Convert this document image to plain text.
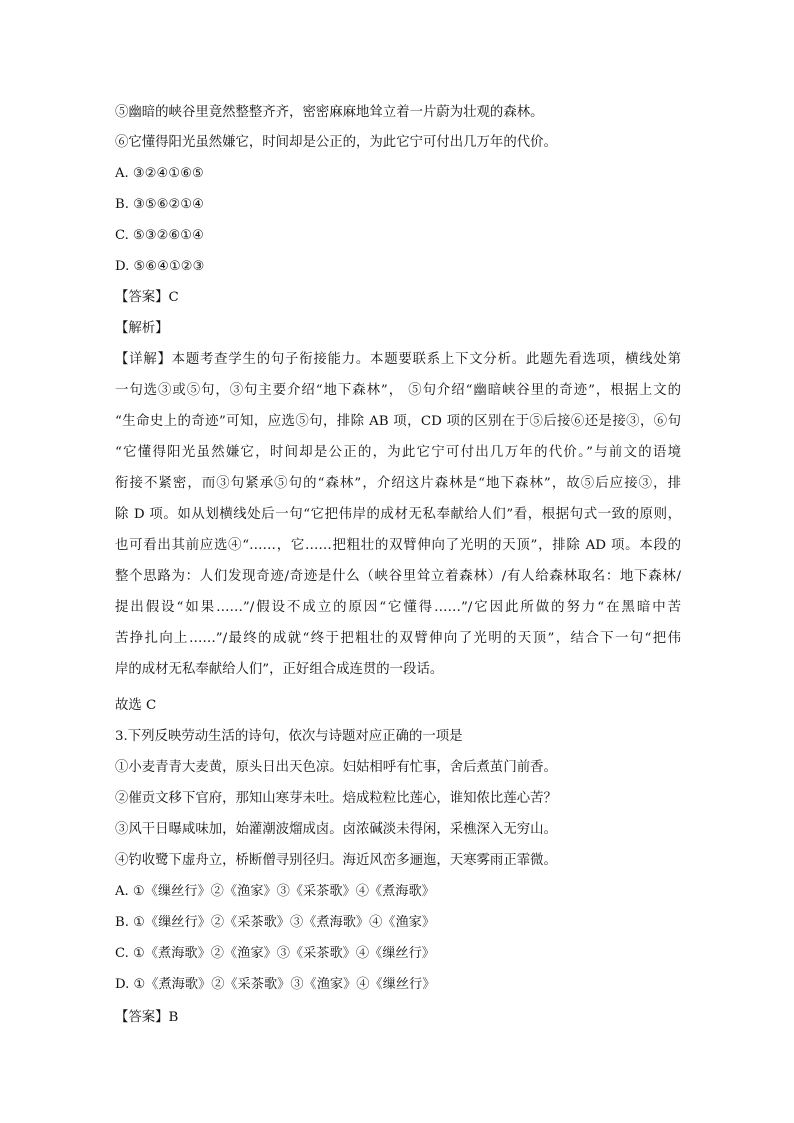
⑤幽暗的峡谷里竟然整整齐齐，密密麻麻地耸立着一片蔚为壮观的森林。
⑥它懂得阳光虽然嫌它，时间却是公正的，为此它宁可付出几万年的代价。
A. ③②④①⑥⑤
B. ③⑤⑥②①④
C. ⑤③②⑥①④
D. ⑤⑥④①②③
【答案】C
【解析】
【详解】本题考查学生的句子衔接能力。本题要联系上下文分析。此题先看选项，横线处第
一句选③或⑤句，③句主要介绍“地下森林”， ⑤句介绍“幽暗峡谷里的奇迹”，根据上文的
“生命史上的奇迹”可知，应选⑤句，排除 AB 项，CD 项的区别在于⑤后接⑥还是接③，⑥句
“它懂得阳光虽然嫌它，时间却是公正的，为此它宁可付出几万年的代价。”与前文的语境
衔接不紧密，而③句紧承⑤句的“森林”，介绍这片森林是“地下森林”，故⑤后应接③，排
除 D 项。如从划横线处后一句“它把伟岸的成材无私奉献给人们”看，根据句式一致的原则，
也可看出其前应选④“……，它……把粗壮的双臂伸向了光明的天顶”，排除 AD 项。本段的
整个思路为：人们发现奇迹/奇迹是什么（峡谷里耸立着森林）/有人给森林取名：地下森林/
提出假设“如果……”/假设不成立的原因“它懂得……”/它因此所做的努力“在黑暗中苦
苦挣扎向上……”/最终的成就“终于把粗壮的双臂伸向了光明的天顶”，结合下一句“把伟
岸的成材无私奉献给人们”，正好组合成连贯的一段话。
故选 C
3.下列反映劳动生活的诗句，依次与诗题对应正确的一项是
①小麦青青大麦黄，原头日出天色凉。妇姑相呼有忙事，舍后煮茧门前香。
②催贡文移下官府，那知山寒芽未吐。焙成粒粒比莲心，谁知侬比莲心苦？
③风干日曝咸味加，始灌潮波熘成卤。卤浓碱淡未得闲，采樵深入无穷山。
④钓收鹭下虚舟立，桥断僧寻别径归。海近风峦多逦迤，天寒雾雨正霏微。
A. ①《缫丝行》②《渔家》③《采茶歌》④《煮海歌》
B. ①《缫丝行》②《采茶歌》③《煮海歌》④《渔家》
C. ①《煮海歌》②《渔家》③《采茶歌》④《缫丝行》
D. ①《煮海歌》②《采茶歌》③《渔家》④《缫丝行》
【答案】B
